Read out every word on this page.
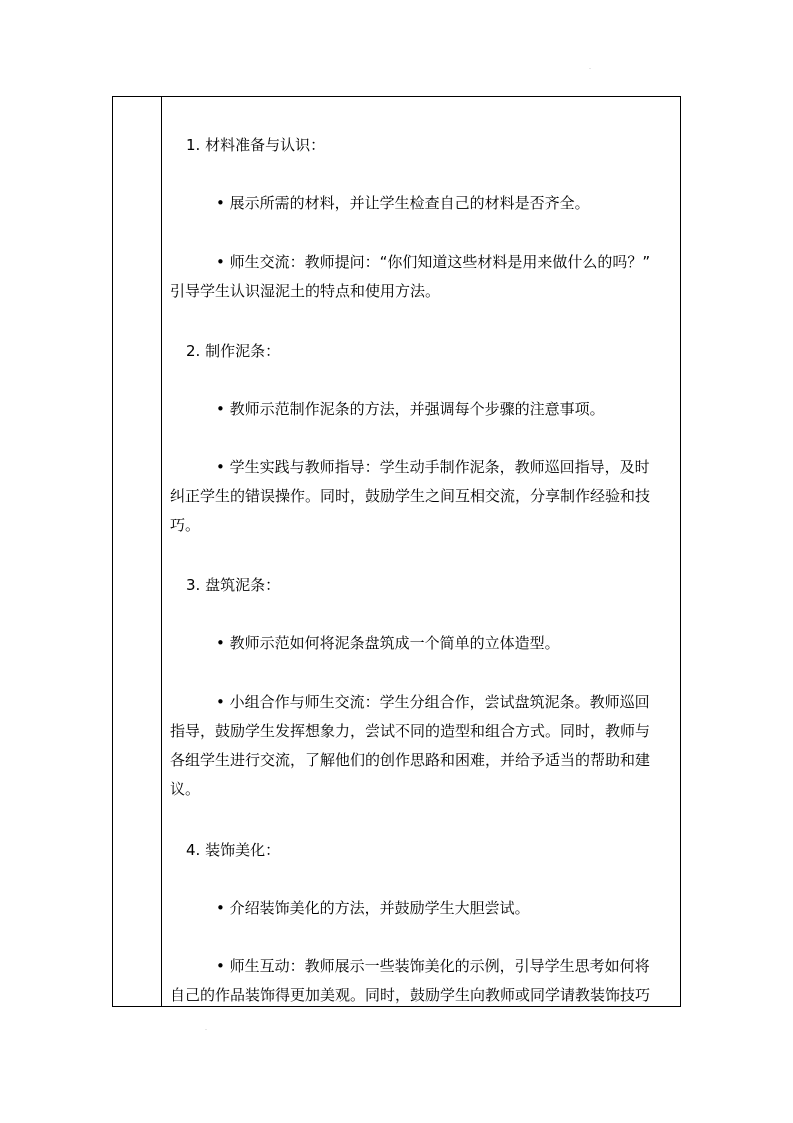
1. 材料准备与认识：

• 展示所需的材料，并让学生检查自己的材料是否齐全。

• 师生交流：教师提问：“你们知道这些材料是用来做什么的吗？”

引导学生认识湿泥土的特点和使用方法。

2. 制作泥条：

• 教师示范制作泥条的方法，并强调每个步骤的注意事项。

• 学生实践与教师指导：学生动手制作泥条，教师巡回指导，及时

纠正学生的错误操作。同时，鼓励学生之间互相交流，分享制作经验和技

巧。

3. 盘筑泥条：

• 教师示范如何将泥条盘筑成一个简单的立体造型。

• 小组合作与师生交流：学生分组合作，尝试盘筑泥条。教师巡回

指导，鼓励学生发挥想象力，尝试不同的造型和组合方式。同时，教师与

各组学生进行交流，了解他们的创作思路和困难，并给予适当的帮助和建

议。

4. 装饰美化：

• 介绍装饰美化的方法，并鼓励学生大胆尝试。

• 师生互动：教师展示一些装饰美化的示例，引导学生思考如何将

自己的作品装饰得更加美观。同时，鼓励学生向教师或同学请教装饰技巧
